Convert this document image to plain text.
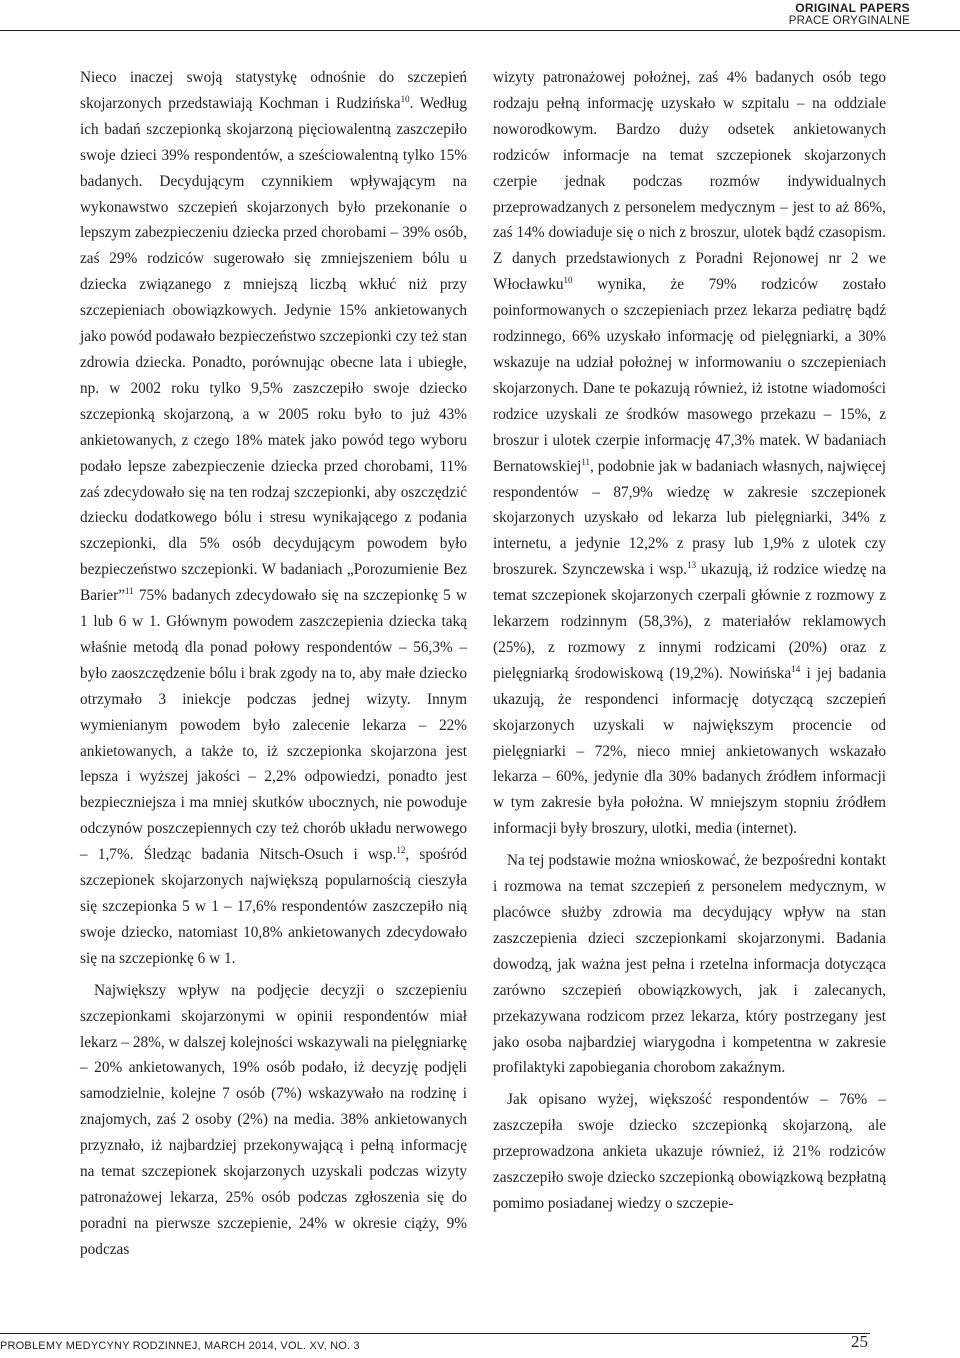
ORIGINAL PAPERS
PRACE ORYGINALNE

Nieco inaczej swoją statystykę odnośnie do szczepień skojarzonych przedstawiają Kochman i Rudzińska$^{10}$. Według ich badań szczepionką skojarzoną pięciowalentną zaszczepiło swoje dzieci 39% respondentów, a sześciowalentną tylko 15% badanych. Decydującym czynnikiem wpływającym na wykonawstwo szczepień skojarzonych było przekonanie o lepszym zabezpieczeniu dziecka przed chorobami – 39% osób, zaś 29% rodziców sugerowało się zmniejszeniem bólu u dziecka związanego z mniejszą liczbą wkłuć niż przy szczepieniach obowiązkowych. Jedynie 15% ankietowanych jako powód podawało bezpieczeństwo szczepionki czy też stan zdrowia dziecka. Ponadto, porównując obecne lata i ubiegłe, np. w 2002 roku tylko 9,5% zaszczepiło swoje dziecko szczepionką skojarzoną, a w 2005 roku było to już 43% ankietowanych, z czego 18% matek jako powód tego wyboru podało lepsze zabezpieczenie dziecka przed chorobami, 11% zaś zdecydowało się na ten rodzaj szczepionki, aby oszczędzić dziecku dodatkowego bólu i stresu wynikającego z podania szczepionki, dla 5% osób decydującym powodem było bezpieczeństwo szczepionki. W badaniach „Porozumienie Bez Barier”$^{11}$ 75% badanych zdecydowało się na szczepionkę 5 w 1 lub 6 w 1. Głównym powodem zaszczepienia dziecka taką właśnie metodą dla ponad połowy respondentów – 56,3% – było zaoszczędzenie bólu i brak zgody na to, aby małe dziecko otrzymało 3 iniekcje podczas jednej wizyty. Innym wymienianym powodem było zalecenie lekarza – 22% ankietowanych, a także to, iż szczepionka skojarzona jest lepsza i wyższej jakości – 2,2% odpowiedzi, ponadto jest bezpieczniejsza i ma mniej skutków ubocznych, nie powoduje odczynów poszczepiennych czy też chorób układu nerwowego – 1,7%. Śledząc badania Nitsch-Osuch i wsp.$^{12}$, spośród szczepionek skojarzonych największą popularnością cieszyła się szczepionka 5 w 1 – 17,6% respondentów zaszczepiło nią swoje dziecko, natomiast 10,8% ankietowanych zdecydowało się na szczepionkę 6 w 1.

Największy wpływ na podjęcie decyzji o szczepieniu szczepionkami skojarzonymi w opinii respondentów miał lekarz – 28%, w dalszej kolejności wskazywali na pielęgniarkę – 20% ankietowanych, 19% osób podało, iż decyzję podjęli samodzielnie, kolejne 7 osób (7%) wskazywało na rodzinę i znajomych, zaś 2 osoby (2%) na media. 38% ankietowanych przyznało, iż najbardziej przekonywającą i pełną informację na temat szczepionek skojarzonych uzyskali podczas wizyty patronażowej lekarza, 25% osób podczas zgłoszenia się do poradni na pierwsze szczepienie, 24% w okresie ciąży, 9% podczas

wizyty patronażowej położnej, zaś 4% badanych osób tego rodzaju pełną informację uzyskało w szpitalu – na oddziale noworodkowym. Bardzo duży odsetek ankietowanych rodziców informacje na temat szczepionek skojarzonych czerpie jednak podczas rozmów indywidualnych przeprowadzanych z personelem medycznym – jest to aż 86%, zaś 14% dowiaduje się o nich z broszur, ulotek bądź czasopism. Z danych przedstawionych z Poradni Rejonowej nr 2 we Włocławku$^{10}$ wynika, że 79% rodziców zostało poinformowanych o szczepieniach przez lekarza pediatrę bądź rodzinnego, 66% uzyskało informację od pielęgniarki, a 30% wskazuje na udział położnej w informowaniu o szczepieniach skojarzonych. Dane te pokazują również, iż istotne wiadomości rodzice uzyskali ze środków masowego przekazu – 15%, z broszur i ulotek czerpie informację 47,3% matek. W badaniach Bernatowskiej$^{11}$, podobnie jak w badaniach własnych, najwięcej respondentów – 87,9% wiedzę w zakresie szczepionek skojarzonych uzyskało od lekarza lub pielęgniarki, 34% z internetu, a jedynie 12,2% z prasy lub 1,9% z ulotek czy broszurek. Szynczewska i wsp.$^{13}$ ukazują, iż rodzice wiedzę na temat szczepionek skojarzonych czerpali głównie z rozmowy z lekarzem rodzinnym (58,3%), z materiałów reklamowych (25%), z rozmowy z innymi rodzicami (20%) oraz z pielęgniarką środowiskową (19,2%). Nowińska$^{14}$ i jej badania ukazują, że respondenci informację dotyczącą szczepień skojarzonych uzyskali w największym procencie od pielęgniarki – 72%, nieco mniej ankietowanych wskazało lekarza – 60%, jedynie dla 30% badanych źródłem informacji w tym zakresie była położna. W mniejszym stopniu źródłem informacji były broszury, ulotki, media (internet).

Na tej podstawie można wnioskować, że bezpośredni kontakt i rozmowa na temat szczepień z personelem medycznym, w placówce służby zdrowia ma decydujący wpływ na stan zaszczepienia dzieci szczepionkami skojarzonymi. Badania dowodzą, jak ważna jest pełna i rzetelna informacja dotycząca zarówno szczepień obowiązkowych, jak i zalecanych, przekazywana rodzicom przez lekarza, który postrzegany jest jako osoba najbardziej wiarygodna i kompetentna w zakresie profilaktyki zapobiegania chorobom zakaźnym.

Jak opisano wyżej, większość respondentów – 76% – zaszczepiła swoje dziecko szczepionką skojarzoną, ale przeprowadzona ankieta ukazuje również, iż 21% rodziców zaszczepiło swoje dziecko szczepionką obowiązkową bezpłatną pomimo posiadanej wiedzy o szczepie-

PROBLEMY MEDYCYNY RODZINNEJ, MARCH 2014, VOL. XV, NO. 3	25
